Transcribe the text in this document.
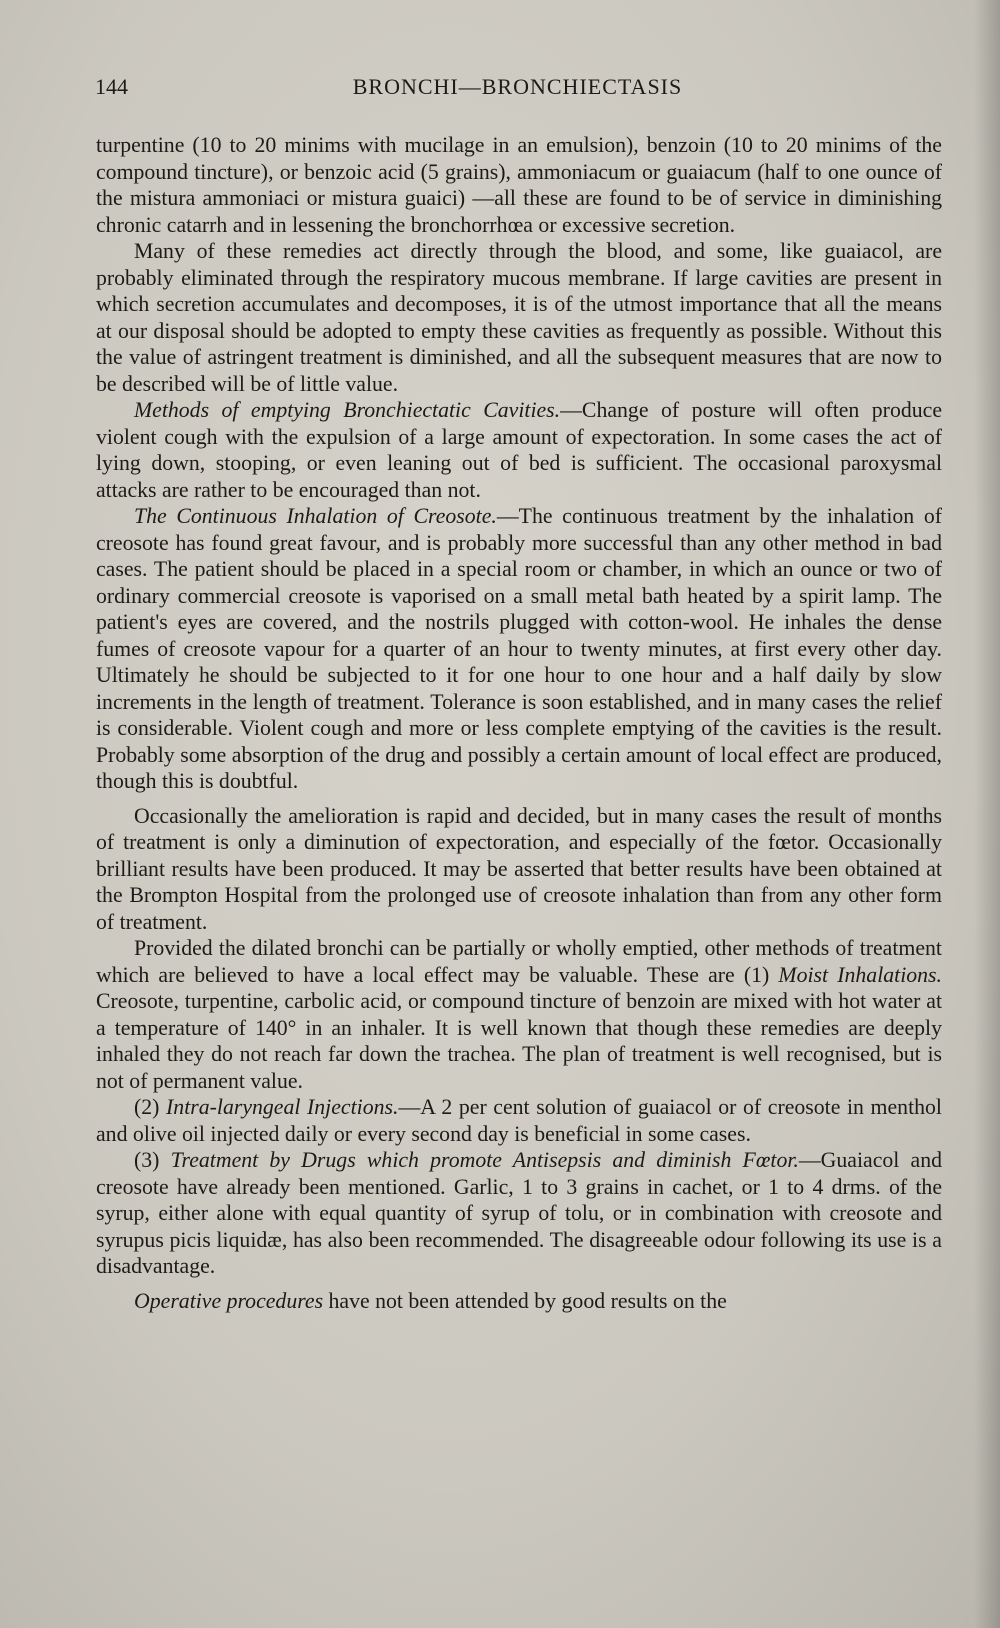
144	BRONCHI—BRONCHIECTASIS

turpentine (10 to 20 minims with mucilage in an emulsion), benzoin (10 to 20 minims of the compound tincture), or benzoic acid (5 grains), ammoniacum or guaiacum (half to one ounce of the mistura ammoniaci or mistura guaici) —all these are found to be of service in diminishing chronic catarrh and in lessening the bronchorrhœa or excessive secretion.

Many of these remedies act directly through the blood, and some, like guaiacol, are probably eliminated through the respiratory mucous membrane. If large cavities are present in which secretion accumulates and decomposes, it is of the utmost importance that all the means at our disposal should be adopted to empty these cavities as frequently as possible. Without this the value of astringent treatment is diminished, and all the subsequent measures that are now to be described will be of little value.

Methods of emptying Bronchiectatic Cavities.—Change of posture will often produce violent cough with the expulsion of a large amount of expectoration. In some cases the act of lying down, stooping, or even leaning out of bed is sufficient. The occasional paroxysmal attacks are rather to be encouraged than not.

The Continuous Inhalation of Creosote.—The continuous treatment by the inhalation of creosote has found great favour, and is probably more successful than any other method in bad cases. The patient should be placed in a special room or chamber, in which an ounce or two of ordinary commercial creosote is vaporised on a small metal bath heated by a spirit lamp. The patient's eyes are covered, and the nostrils plugged with cotton-wool. He inhales the dense fumes of creosote vapour for a quarter of an hour to twenty minutes, at first every other day. Ultimately he should be subjected to it for one hour to one hour and a half daily by slow increments in the length of treatment. Tolerance is soon established, and in many cases the relief is considerable. Violent cough and more or less complete emptying of the cavities is the result. Probably some absorption of the drug and possibly a certain amount of local effect are produced, though this is doubtful.

Occasionally the amelioration is rapid and decided, but in many cases the result of months of treatment is only a diminution of expectoration, and especially of the fœtor. Occasionally brilliant results have been produced. It may be asserted that better results have been obtained at the Brompton Hospital from the prolonged use of creosote inhalation than from any other form of treatment.

Provided the dilated bronchi can be partially or wholly emptied, other methods of treatment which are believed to have a local effect may be valuable. These are (1) Moist Inhalations. Creosote, turpentine, carbolic acid, or compound tincture of benzoin are mixed with hot water at a temperature of 140° in an inhaler. It is well known that though these remedies are deeply inhaled they do not reach far down the trachea. The plan of treatment is well recognised, but is not of permanent value.

(2) Intra-laryngeal Injections.—A 2 per cent solution of guaiacol or of creosote in menthol and olive oil injected daily or every second day is beneficial in some cases.

(3) Treatment by Drugs which promote Antisepsis and diminish Fœtor.—Guaiacol and creosote have already been mentioned. Garlic, 1 to 3 grains in cachet, or 1 to 4 drms. of the syrup, either alone with equal quantity of syrup of tolu, or in combination with creosote and syrupus picis liquidæ, has also been recommended. The disagreeable odour following its use is a disadvantage.

Operative procedures have not been attended by good results on the
